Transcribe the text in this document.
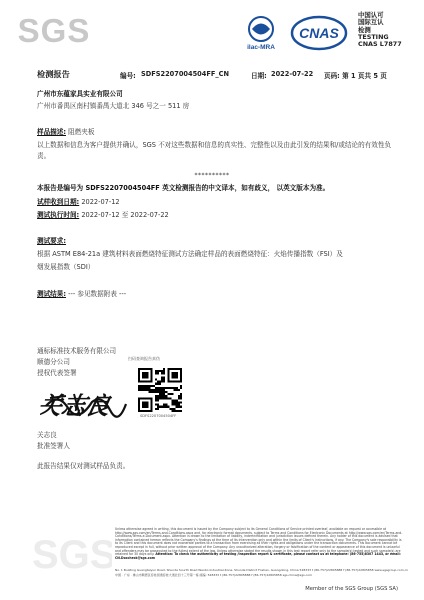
SGS	ilac-MRA
CNAS
中国认可
国际互认
检测
TESTING
CNAS L7877
检测报告	编号: SDFS2207004504FF_CN	日期: 2022-07-22 页码: 第 1 页共 5 页
广州市东蕴家具实业有限公司
广州市番禺区南村镇番禺大道北 346 号之一 511 房
样品描述: 阻燃夹板
以上数据和信息为客户提供并确认，SGS 不对这些数据和信息的真实性、完整性以及由此引发的结果和/或结论的有效性负责。
**********
本报告是编号为 SDFS2207004504FF 英文检测报告的中文译本，如有歧义， 以英文版本为准。
试样收到日期: 2022-07-12
测试执行时间: 2022-07-12 至 2022-07-22
测试要求:
根据 ASTM E84-21a 建筑材料表面燃烧特征测试方法确定样品的表面燃烧特征：火焰传播指数（FSI）及
烟发展指数（SDI）
测试结果: --- 参见数据附表 ---
通标标准技术服务有限公司
顺德分公司
授权代表签署
关志良
扫码查询报告真伪
SDFS2207004504FF
关志良
批准签署人
此报告结果仅对测试样品负责。
SGS
Unless otherwise agreed in writing, this document is issued by the Company subject to its General Conditions of Service printed overleaf, available on request or accessible at http://www.sgs.com/en/Terms-and-Conditions.aspx and, for electronic format documents, subject to Terms and Conditions for Electronic Documents at http://www.sgs.com/en/Terms-and-Conditions/Terms-e-Document.aspx. Attention is drawn to the limitation of liability, indemnification and jurisdiction issues defined therein. Any holder of this document is advised that information contained hereon reflects the Company's findings at the time of its intervention only and within the limits of Client's instructions, if any. The Company's sole responsibility is to its Client and this document does not exonerate parties to a transaction from exercising all their rights and obligations under the transaction documents. This document cannot be reproduced except in full, without prior written approval of the Company. Any unauthorized alteration, forgery or falsification of the content or appearance of this document is unlawful and offenders may be prosecuted to the fullest extent of the law. Unless otherwise stated the results shown in this test report refer only to the sample(s) tested and such sample(s) are retained for 30 days only. Attention: To check the authenticity of testing /inspection report & certificate, please contact us at telephone: (86-755)8307 1443, or email: CN.Doccheck@sgs.com
No. 1 Building Guangtaiyun Road, Shunde Sourth Road Wenbo Industrial Zone, Shunde District Foshan, Guangdong, China 528333 t (86-757)22805888 f (86-757)22805858 www.sgsgroup.com.cn
中国 · 广东 · 佛山市顺德区容桂街道容桂大道北四十三号第一栋 邮编: 528333 t (86-757)22805888 f (86-757)22805858 sgs.china@sgs.com
Member of the SGS Group (SGS SA)
